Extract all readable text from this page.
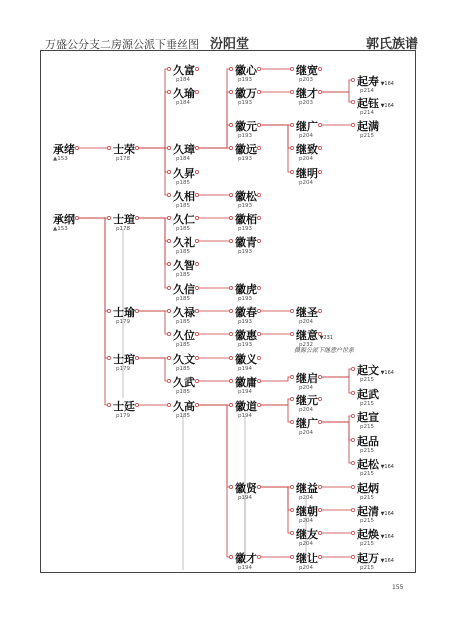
万盛公分支二房源公派下垂丝图 汾阳堂	郭氏族谱
久富
p184
久瑜
p184
徽心
p193
徽万
p193
继宽
p203
继才
p203
起寿 ▼164
p214
起钰 ▼164
p214
徽元
p193
继广
p204
起满
p215
承绪
▲153
士荣
p178
久璋
p184
徽远
p193
继致
p204
继明
p204
久昇
p185
久相
p185
徽松
p193
承纲
▲153
士瑄
p178
久仁
p185
徽栢
p193
久礼
p185
徽青
p193
久智
p185
久信
p185
徽虎
p193
士瑜
p179
久禄
p185
徽春
p193
继圣
p204
久位
p185
徽惠
p193
继意 ▼231
p232
士琯
p179
久文
p185
徽义
p194
久武
p185
徽庸
p194
继启
p204
起文 ▼164
p215
起武
p215
士廷
p179
久高
p185
徽道
p194
继元
p204
继广
p204
起宣
p215
起品
p215
起松 ▼164
p215
徽贤
p194
继益
p204
起炳
p215
继朝
p204
起清 ▼164
p215
继友
p204
起焕 ▼164
p215
徽才
p194
继让
p204
起万 ▼164
p215
摄源公派下继意户世系
155
